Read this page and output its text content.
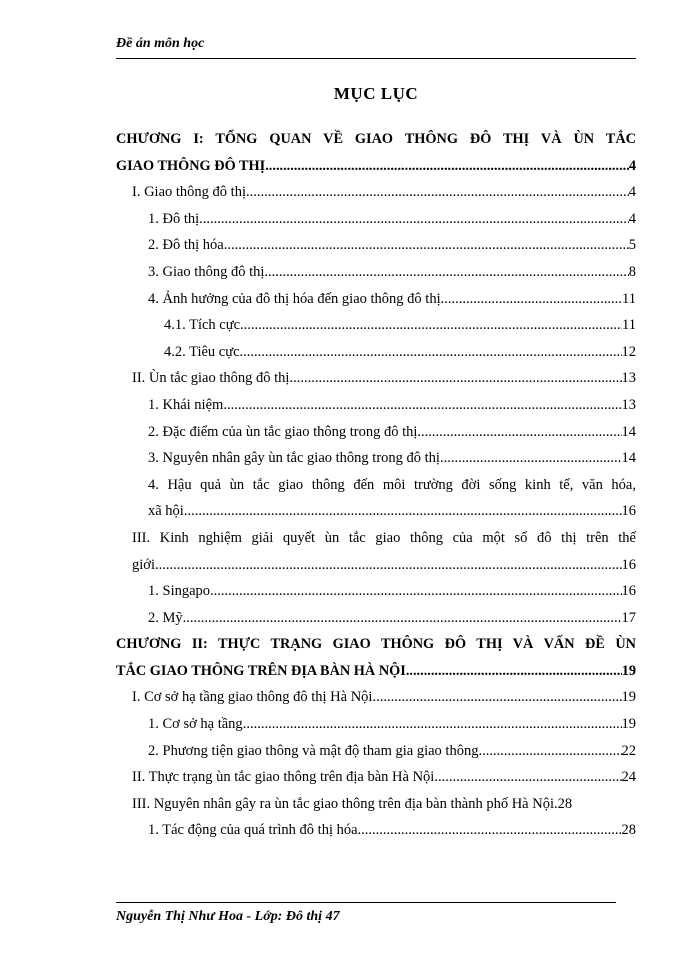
Đề án môn học
MỤC LỤC
CHƯƠNG I: TỔNG QUAN VỀ GIAO THÔNG ĐÔ THỊ VÀ ÙN TẮC
GIAO THÔNG ĐÔ THỊ .....	4
I. Giao thông đô thị .....	4
1. Đô thị .....	4
2. Đô thị hóa .....	5
3. Giao thông đô thị .....	8
4. Ảnh hưởng của đô thị hóa đến giao thông đô thị .....	11
4.1. Tích cực .....	11
4.2. Tiêu cực .....	12
II. Ùn tắc giao thông đô thị .....	13
1. Khái niệm .....	13
2. Đặc điểm của ùn tắc giao thông trong đô thị .....	14
3. Nguyên nhân gây ùn tắc giao thông trong đô thị .....	14
4. Hậu quả ùn tắc giao thông đến môi trường đời sống kinh tế, văn hóa,
xã hội .....	16
III. Kinh nghiệm giải quyết ùn tắc giao thông của một số đô thị trên thế
giới .....	16
1. Singapo .....	16
2. Mỹ .....	17
CHƯƠNG II: THỰC TRẠNG GIAO THÔNG ĐÔ THỊ VÀ VẤN ĐỀ ÙN
TẮC GIAO THÔNG TRÊN ĐỊA BÀN HÀ NỘI .....	19
I. Cơ sở hạ tầng giao thông đô thị Hà Nội .....	19
1. Cơ sở hạ tầng .....	19
2. Phương tiện giao thông và mật độ tham gia giao thông .....	22
II. Thực trạng ùn tắc giao thông trên địa bàn Hà Nội .....	24
III. Nguyên nhân gây ra ùn tắc giao thông trên địa bàn thành phố Hà Nội. 28
1. Tác động của quá trình đô thị hóa .....	28
Nguyễn Thị Như Hoa - Lớp: Đô thị 47
